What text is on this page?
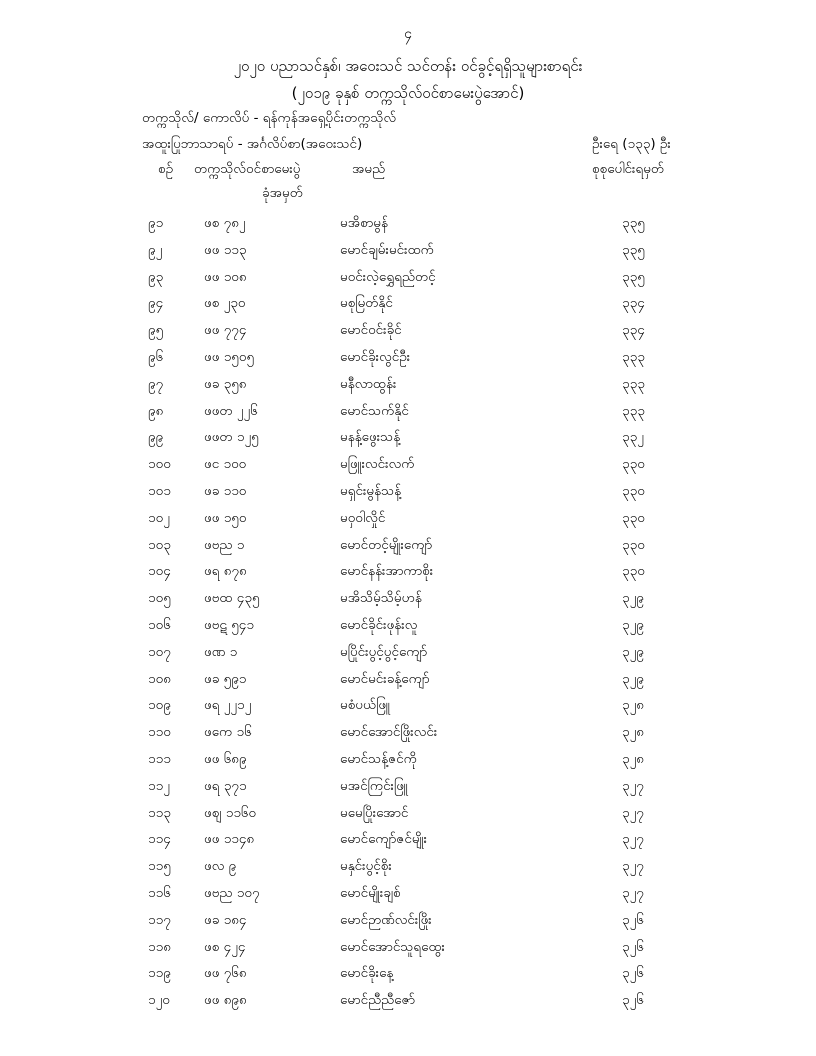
၄
၂၀၂၀ ပညာသင်နှစ်၊ အဝေးသင် သင်တန်း ဝင်ခွင့်ရရှိသူများစာရင်း
(၂၀၁၉ ခုနှစ် တက္ကသိုလ်ဝင်စာမေးပွဲအောင်)
တက္ကသိုလ်/ ကောလိပ် - ရန်ကုန်အရှေ့ပိုင်းတက္ကသိုလ်
အထူးပြုဘာသာရပ် - အင်္ဂလိပ်စာ(အဝေးသင်)	ဦးရေ (၁၃၃) ဦး
စဉ် တက္ကသိုလ်ဝင်စာမေးပွဲ
ခုံအမှတ်
အမည်	စုစုပေါင်းရမှတ်
၉၁	ဖစ ၇၈၂	မအိစာမွန်	၃၃၅
၉၂	ဖဖ ၁၁၃	မောင်ချမ်းမင်းထက်	၃၃၅
၉၃	ဖဖ ၁၀၈	မဝင်းလဲ့ရွှေရည်တင့်	၃၃၅
၉၄	ဖစ ၂၃၀	မစုမြတ်နိုင်	၃၃၄
၉၅	ဖဖ ၇၇၄	မောင်ဝင်းခိုင်	၃၃၄
၉၆	ဖဖ ၁၅၀၅	မောင်ခိုးလွင်ဦး	၃၃၃
၉၇	ဖခ ၃၅၈	မနီလာထွန်း	၃၃၃
၉၈	ဖဖတ ၂၂၆	မောင်သက်နိုင်	၃၃၃
၉၉	ဖဖတ ၁၂၅	မနန့်ဖွေးသန့်	၃၃၂
၁၀၀	ဖင ၁၀၀	မဖြူးလင်းလက်	၃၃၀
၁၀၁	ဖခ ၁၁၀	မရှင်းမွန်သန့်	၃၃၀
၁၀၂	ဖဖ ၁၅၀	မဝှဝါလှိုင်	၃၃၀
၁၀၃	ဖဗည ၁	မောင်တင့်မျိုးကျော်	၃၃၀
၁၀၄	ဖရ ၈၇၈	မောင်နန်းအာကာစိုး	၃၃၀
၁၀၅	ဖဗထ ၄၃၅	မအိသိမ့်သိမ့်ဟန်	၃၂၉
၁၀၆	ဖဗဋ ၅၄၁	မောင်ခိုင်းဖုန်းလူ	၃၂၉
၁၀၇	ဖဏ ၁	မပြိုင်းပွင့်ပွင့်ကျော်	၃၂၉
၁၀၈	ဖခ ၅၉၁	မောင်မင်းခန့်ကျော်	၃၂၉
၁၀၉	ဖရ ၂၂၁၂	မစံပယ်ဖြူ	၃၂၈
၁၁၀	ဖကေ ၁၆	မောင်အောင်ဖြိုးလင်း	၃၂၈
၁၁၁	ဖဖ ၆၈၉	မောင်သန့်ဇင်ကို	၃၂၈
၁၁၂	ဖရ ၃၇၁	မအင်ကြင်းဖြူ	၃၂၇
၁၁၃	ဖစျ ၁၁၆၀	မမေပြိုးအောင်	၃၂၇
၁၁၄	ဖဖ ၁၁၄၈	မောင်ကျော်ဇင်မျိုး	၃၂၇
၁၁၅	ဖလ ၉	မနှင်းပွင့်စိုး	၃၂၇
၁၁၆	ဖဗည ၁၀၇	မောင်မျိုးချစ်	၃၂၇
၁၁၇	ဖခ ၁၈၄	မောင်ဉာဏ်လင်းဖြိုး	၃၂၆
၁၁၈	ဖစ ၄၂၄	မောင်အောင်သူရထွေး	၃၂၆
၁၁၉	ဖဖ ၇၆၈	မောင်ခိုးနေ့	၃၂၆
၁၂၀	ဖဖ ၈၉၈	မောင်ညီညီဇော်	၃၂၆
